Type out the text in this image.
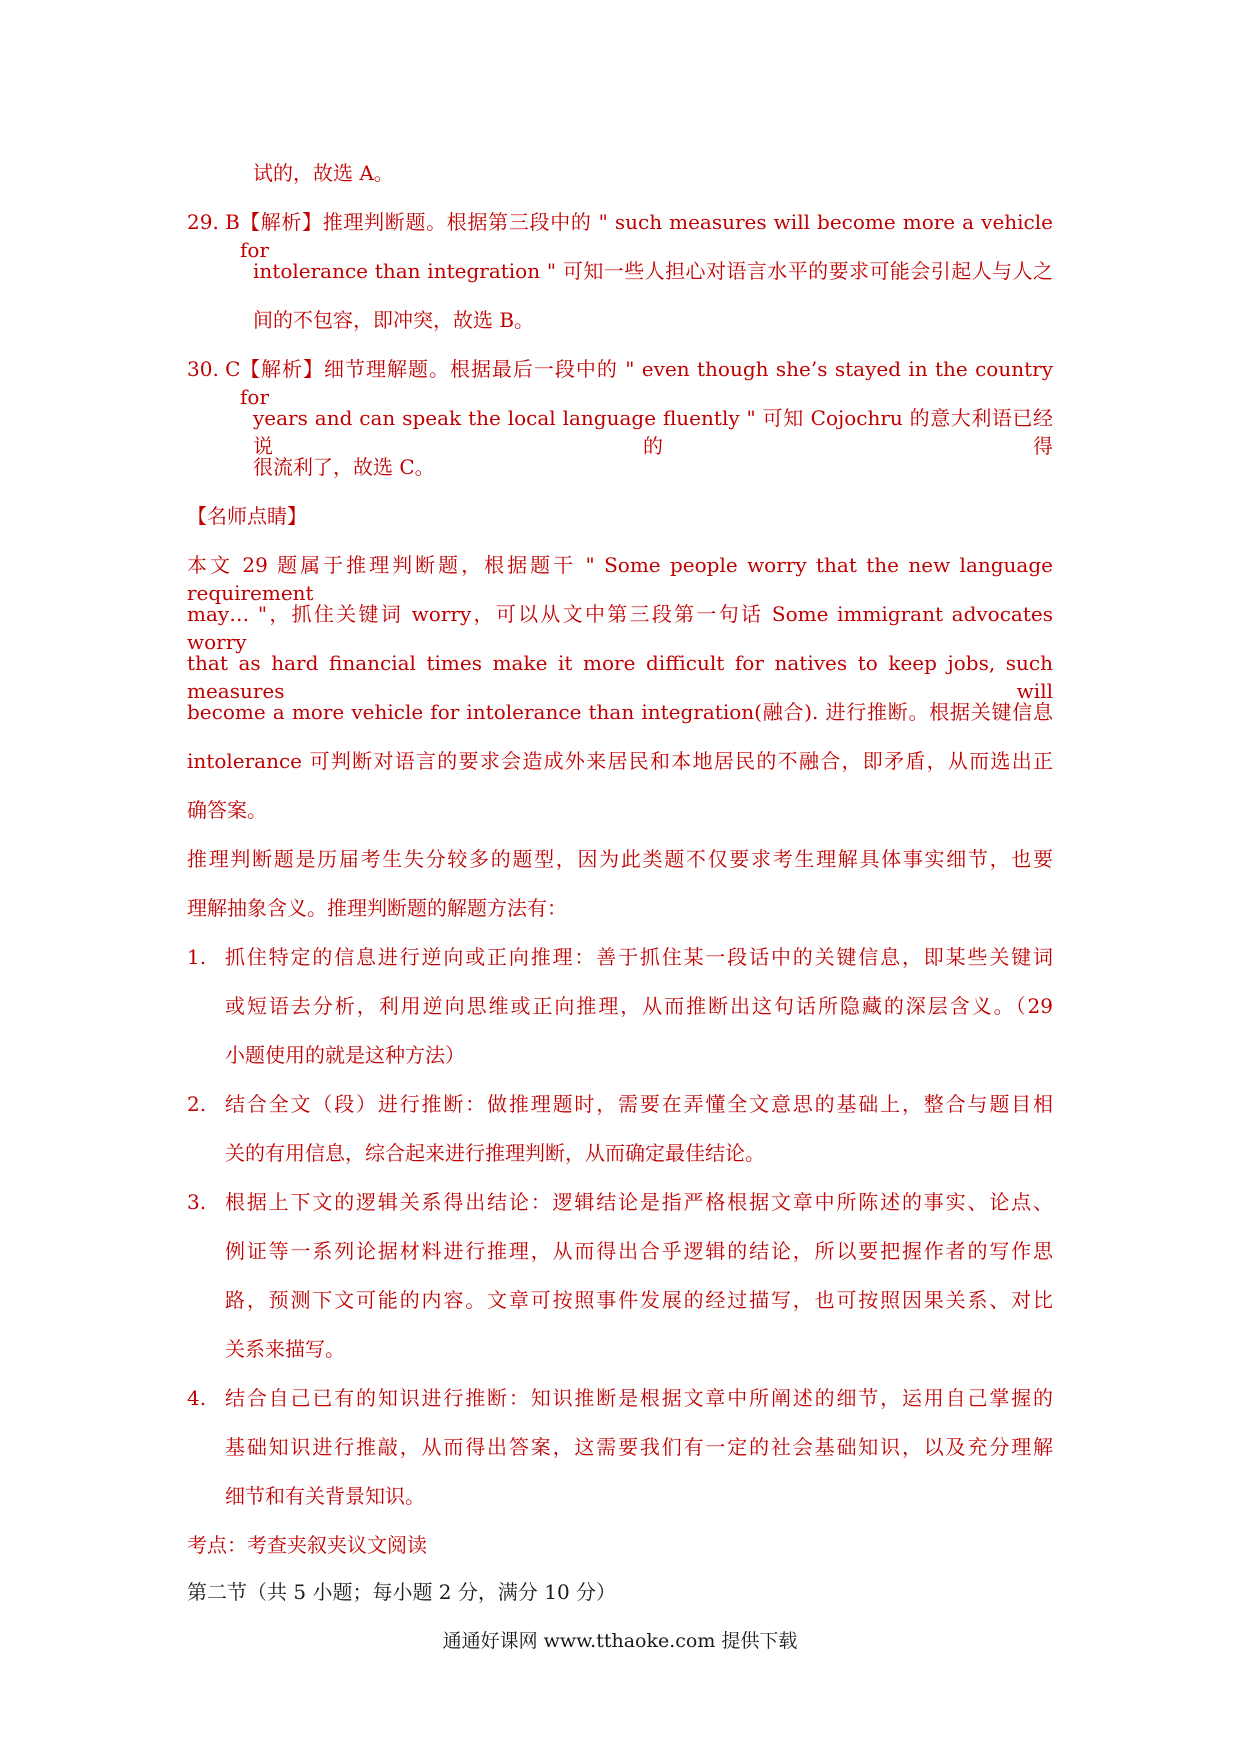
试的，故选 A。
29. B 【解析】推理判断题。根据第三段中的 " such measures will become more a vehicle for
intolerance than integration " 可知一些人担心对语言水平的要求可能会引起人与人之
间的不包容，即冲突，故选 B。
30. C 【解析】细节理解题。根据最后一段中的 " even though she’s stayed in the country for
years and can speak the local language fluently " 可知 Cojochru 的意大利语已经说的得
很流利了，故选 C。
【名师点睛】
本文 29 题属于推理判断题，根据题干 " Some people worry that the new language requirement
may… "，抓住关键词 worry，可以从文中第三段第一句话 Some immigrant advocates worry
that as hard financial times make it more difficult for natives to keep jobs, such measures will
become a more vehicle for intolerance than integration(融合). 进行推断。根据关键信息
intolerance 可判断对语言的要求会造成外来居民和本地居民的不融合，即矛盾，从而选出正
确答案。
推理判断题是历届考生失分较多的题型，因为此类题不仅要求考生理解具体事实细节，也要
理解抽象含义。推理判断题的解题方法有：
1. 抓住特定的信息进行逆向或正向推理：善于抓住某一段话中的关键信息，即某些关键词
或短语去分析，利用逆向思维或正向推理，从而推断出这句话所隐藏的深层含义。（29
小题使用的就是这种方法）
2. 结合全文（段）进行推断：做推理题时，需要在弄懂全文意思的基础上，整合与题目相
关的有用信息，综合起来进行推理判断，从而确定最佳结论。
3. 根据上下文的逻辑关系得出结论：逻辑结论是指严格根据文章中所陈述的事实、论点、
例证等一系列论据材料进行推理，从而得出合乎逻辑的结论，所以要把握作者的写作思
路，预测下文可能的内容。文章可按照事件发展的经过描写，也可按照因果关系、对比
关系来描写。
4. 结合自己已有的知识进行推断：知识推断是根据文章中所阐述的细节，运用自己掌握的
基础知识进行推敲，从而得出答案，这需要我们有一定的社会基础知识，以及充分理解
细节和有关背景知识。
考点：考查夹叙夹议文阅读
第二节（共 5 小题；每小题 2 分，满分 10 分）
通通好课网 www.tthaoke.com 提供下载
